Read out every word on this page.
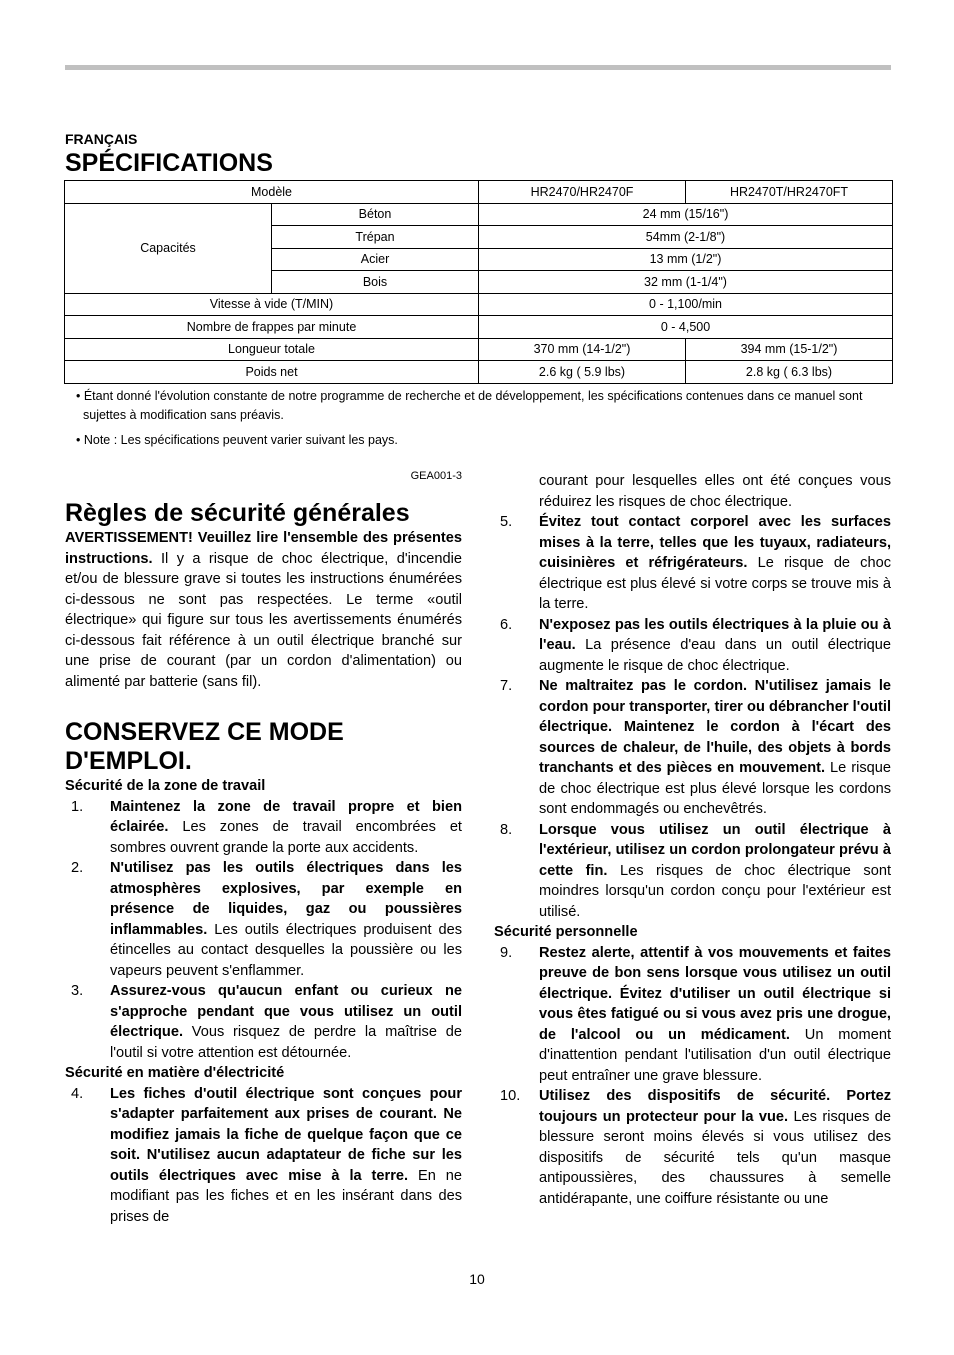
FRANÇAIS
SPÉCIFICATIONS
Modèle		HR2470/HR2470F	HR2470T/HR2470FT
Capacités	Béton	24 mm (15/16")	
	Trépan	54mm (2-1/8")	
	Acier	13 mm (1/2")	
	Bois	32 mm (1-1/4")	
Vitesse à vide (T/MIN)		0 - 1,100/min	
Nombre de frappes par minute		0 - 4,500	
Longueur totale		370 mm (14-1/2")	394 mm (15-1/2")
Poids net		2.6 kg ( 5.9 lbs)	2.8 kg ( 6.3 lbs)
• Étant donné l'évolution constante de notre programme de recherche et de développement, les spécifications contenues dans ce manuel sont sujettes à modification sans préavis.
• Note : Les spécifications peuvent varier suivant les pays.
GEA001-3
Règles de sécurité générales

AVERTISSEMENT! Veuillez lire l'ensemble des présentes instructions. Il y a risque de choc électrique, d'incendie et/ou de blessure grave si toutes les instructions énumérées ci-dessous ne sont pas respectées. Le terme «outil électrique» qui figure sur tous les avertissements énumérés ci-dessous fait référence à un outil électrique branché sur une prise de courant (par un cordon d'alimentation) ou alimenté par batterie (sans fil).

CONSERVEZ CE MODE D'EMPLOI.

Sécurité de la zone de travail

1.	Maintenez la zone de travail propre et bien éclairée. Les zones de travail encombrées et sombres ouvrent grande la porte aux accidents.
2.	N'utilisez pas les outils électriques dans les atmosphères explosives, par exemple en présence de liquides, gaz ou poussières inflammables. Les outils électriques produisent des étincelles au contact desquelles la poussière ou les vapeurs peuvent s'enflammer.
3.	Assurez-vous qu'aucun enfant ou curieux ne s'approche pendant que vous utilisez un outil électrique. Vous risquez de perdre la maîtrise de l'outil si votre attention est détournée.

Sécurité en matière d'électricité

4.	Les fiches d'outil électrique sont conçues pour s'adapter parfaitement aux prises de courant. Ne modifiez jamais la fiche de quelque façon que ce soit. N'utilisez aucun adaptateur de fiche sur les outils électriques avec mise à la terre. En ne modifiant pas les fiches et en les insérant dans des prises de
courant pour lesquelles elles ont été conçues vous réduirez les risques de choc électrique.
5.	Évitez tout contact corporel avec les surfaces mises à la terre, telles que les tuyaux, radiateurs, cuisinières et réfrigérateurs. Le risque de choc électrique est plus élevé si votre corps se trouve mis à la terre.
6.	N'exposez pas les outils électriques à la pluie ou à l'eau. La présence d'eau dans un outil électrique augmente le risque de choc électrique.
7.	Ne maltraitez pas le cordon. N'utilisez jamais le cordon pour transporter, tirer ou débrancher l'outil électrique. Maintenez le cordon à l'écart des sources de chaleur, de l'huile, des objets à bords tranchants et des pièces en mouvement. Le risque de choc électrique est plus élevé lorsque les cordons sont endommagés ou enchevêtrés.
8.	Lorsque vous utilisez un outil électrique à l'extérieur, utilisez un cordon prolongateur prévu à cette fin. Les risques de choc électrique sont moindres lorsqu'un cordon conçu pour l'extérieur est utilisé.

Sécurité personnelle

9.	Restez alerte, attentif à vos mouvements et faites preuve de bon sens lorsque vous utilisez un outil électrique. Évitez d'utiliser un outil électrique si vous êtes fatigué ou si vous avez pris une drogue, de l'alcool ou un médicament. Un moment d'inattention pendant l'utilisation d'un outil électrique peut entraîner une grave blessure.
10.	Utilisez des dispositifs de sécurité. Portez toujours un protecteur pour la vue. Les risques de blessure seront moins élevés si vous utilisez des dispositifs de sécurité tels qu'un masque antipoussières, des chaussures à semelle antidérapante, une coiffure résistante ou une
10
